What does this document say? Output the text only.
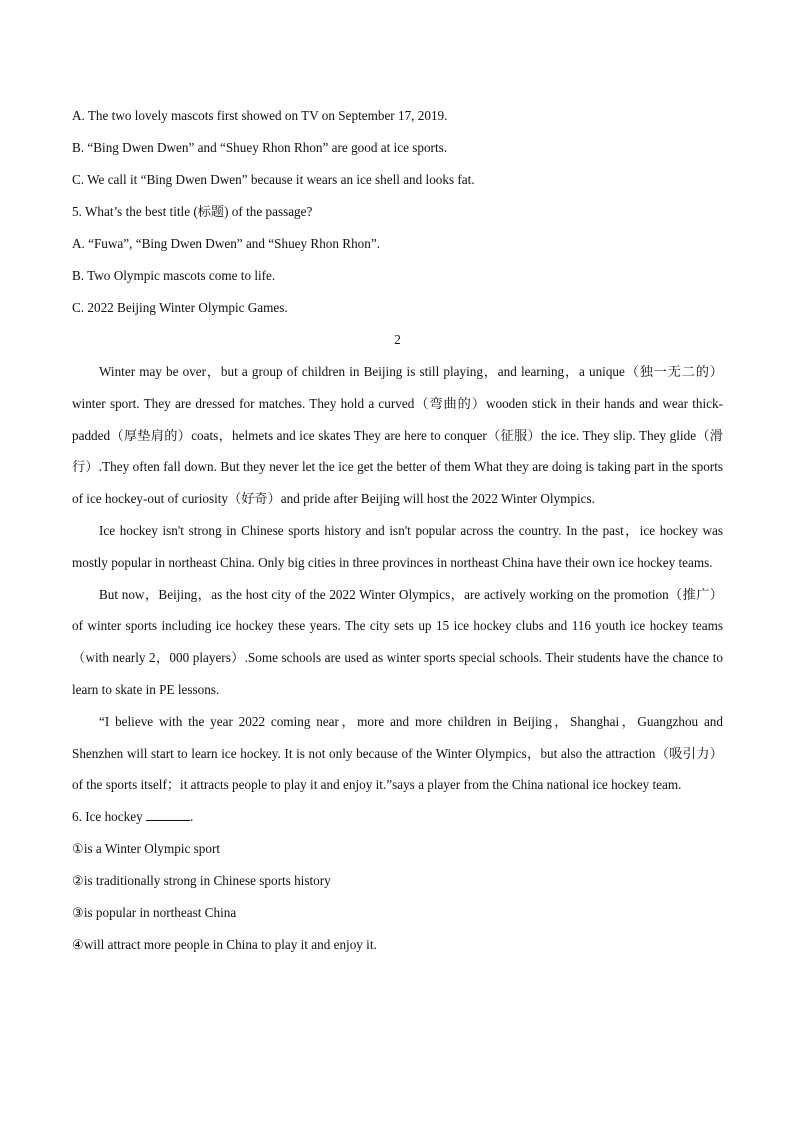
A. The two lovely mascots first showed on TV on September 17, 2019.
B. “Bing Dwen Dwen” and “Shuey Rhon Rhon” are good at ice sports.
C. We call it “Bing Dwen Dwen” because it wears an ice shell and looks fat.
5. What’s the best title (标题) of the passage?
A. “Fuwa”, “Bing Dwen Dwen” and “Shuey Rhon Rhon”.
B. Two Olympic mascots come to life.
C. 2022 Beijing Winter Olympic Games.
2

Winter may be over，but a group of children in Beijing is still playing，and learning，a unique（独一无二的）winter sport. They are dressed for matches. They hold a curved（弯曲的）wooden stick in their hands and wear thick-padded（厚垫肩的）coats，helmets and ice skates They are here to conquer（征服）the ice. They slip. They glide（滑行）.They often fall down. But they never let the ice get the better of them What they are doing is taking part in the sports of ice hockey-out of curiosity（好奇）and pride after Beijing will host the 2022 Winter Olympics.

Ice hockey isn't strong in Chinese sports history and isn't popular across the country. In the past，ice hockey was mostly popular in northeast China. Only big cities in three provinces in northeast China have their own ice hockey teams.

But now，Beijing，as the host city of the 2022 Winter Olympics，are actively working on the promotion（推广）of winter sports including ice hockey these years. The city sets up 15 ice hockey clubs and 116 youth ice hockey teams（with nearly 2，000 players）.Some schools are used as winter sports special schools. Their students have the chance to learn to skate in PE lessons.

“I believe with the year 2022 coming near，more and more children in Beijing，Shanghai，Guangzhou and Shenzhen will start to learn ice hockey. It is not only because of the Winter Olympics，but also the attraction（吸引力）of the sports itself；it attracts people to play it and enjoy it.”says a player from the China national ice hockey team.

6. Ice hockey	.
①is a Winter Olympic sport
②is traditionally strong in Chinese sports history
③is popular in northeast China
④will attract more people in China to play it and enjoy it.
